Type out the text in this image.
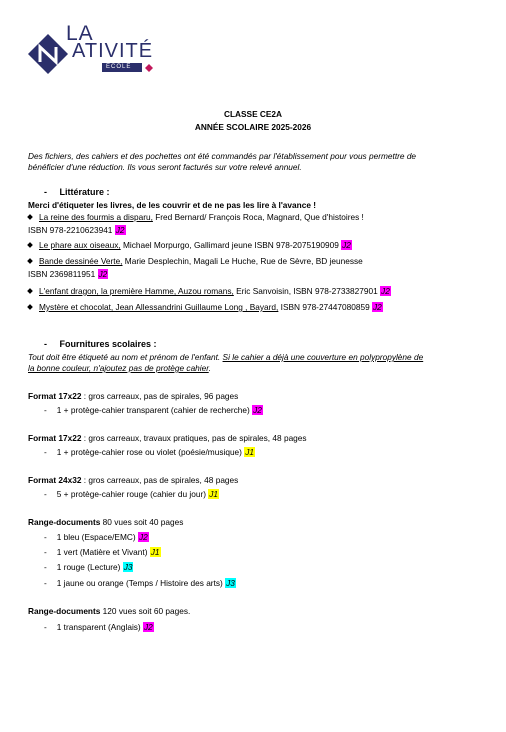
LA
ATIVITÉ
ECOLE
CLASSE CE2A
ANNÉE SCOLAIRE 2025-2026
Des fichiers, des cahiers et des pochettes ont été commandés par l'établissement pour vous permettre de
bénéficier d'une réduction. Ils vous seront facturés sur votre relevé annuel.
- Littérature :
Merci d'étiqueter les livres, de les couvrir et de ne pas les lire à l'avance !
La reine des fourmis a disparu, Fred Bernard/ François Roca, Magnard, Que d'histoires !
ISBN 978-2210623941 J2
Le phare aux oiseaux, Michael Morpurgo, Gallimard jeune ISBN 978-2075190909 J2
Bande dessinée Verte, Marie Desplechin, Magali Le Huche, Rue de Sèvre, BD jeunesse
ISBN 2369811951 J2
L'enfant dragon, la première Hamme, Auzou romans, Eric Sanvoisin, ISBN 978-2733827901 J2
Mystère et chocolat, Jean Allessandrini Guillaume Long , Bayard, ISBN 978-27447080859 J2
- Fournitures scolaires :
Tout doit être étiqueté au nom et prénom de l'enfant. Si le cahier a déjà une couverture en polypropylène de
la bonne couleur, n'ajoutez pas de protège cahier.
Format 17x22 : gros carreaux, pas de spirales, 96 pages
- 1 + protège-cahier transparent (cahier de recherche) J2
Format 17x22 : gros carreaux, travaux pratiques, pas de spirales, 48 pages
- 1 + protège-cahier rose ou violet (poésie/musique) J1
Format 24x32 : gros carreaux, pas de spirales, 48 pages
- 5 + protège-cahier rouge (cahier du jour) J1
Range-documents 80 vues soit 40 pages
- 1 bleu (Espace/EMC) J2
- 1 vert (Matière et Vivant) J1
- 1 rouge (Lecture) J3
- 1 jaune ou orange (Temps / Histoire des arts) J3
Range-documents 120 vues soit 60 pages.
- 1 transparent (Anglais) J2
